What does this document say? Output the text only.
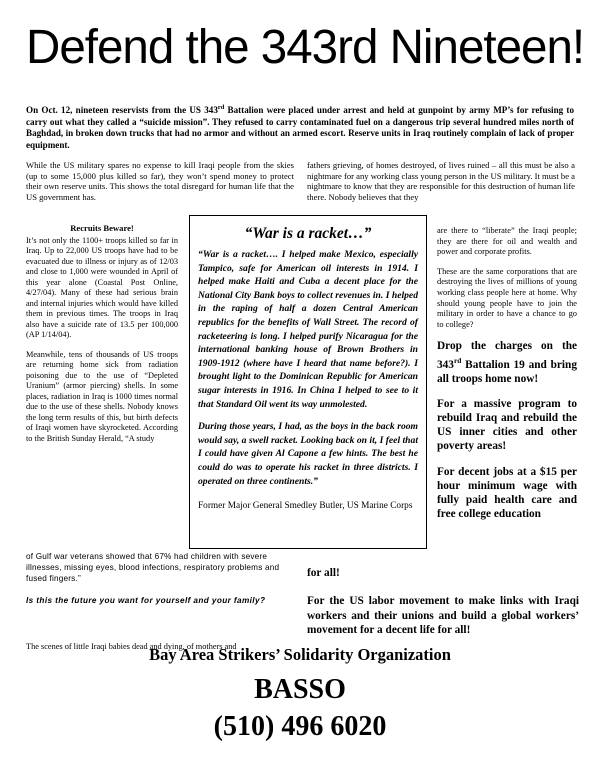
Defend the 343rd Nineteen!
On Oct. 12, nineteen reservists from the US 343rd Battalion were placed under arrest and held at gunpoint by army MP’s for refusing to carry out what they called a “suicide mission”. They refused to carry contaminated fuel on a dangerous trip several hundred miles north of Baghdad, in broken down trucks that had no armor and without an armed escort. Reserve units in Iraq routinely complain of lack of proper equipment.
While the US military spares no expense to kill Iraqi people from the skies (up to some 15,000 plus killed so far), they won’t spend money to protect their own reserve units. This shows the total disregard for human life that the US government has.
fathers grieving, of homes destroyed, of lives ruined – all this must be also a nightmare for any working class young person in the US military. It must be a nightmare to know that they are responsible for this destruction of human life there. Nobody believes that they
Recruits Beware!

It’s not only the 1100+ troops killed so far in Iraq. Up to 22,000 US troops have had to be evacuated due to illness or injury as of 12/03 and close to 1,000 were wounded in April of this year alone (Coastal Post Online, 4/27/04). Many of these had serious brain and internal injuries which would have killed them in previous times. The troops in Iraq also have a suicide rate of 13.5 per 100,000 (AP 1/14/04).

Meanwhile, tens of thousands of US troops are returning home sick from radiation poisoning due to the use of “Depleted Uranium” (armor piercing) shells. In some places, radiation in Iraq is 1000 times normal due to the use of these shells. Nobody knows the long term results of this, but birth defects of Iraqi women have skyrocketed. According to the British Sunday Herald, “A study

of Gulf war veterans showed that 67% had children with severe illnesses, missing eyes, blood infections, respiratory problems and fused fingers.”
Is this the future you want for yourself and your family?
The scenes of little Iraqi babies dead and dying, of mothers and
“War is a racket…”
“War is a racket…. I helped make Mexico, especially Tampico, safe for American oil interests in 1914. I helped make Haiti and Cuba a decent place for the National City Bank boys to collect revenues in. I helped in the raping of half a dozen Central American republics for the benefits of Wall Street. The record of racketeering is long. I helped purify Nicaragua for the international banking house of Brown Brothers in 1909-1912 (where have I heard that name before?). I brought light to the Dominican Republic for American sugar interests in 1916. In China I helped to see to it that Standard Oil went its way unmolested.
During those years, I had, as the boys in the back room would say, a swell racket. Looking back on it, I feel that I could have given Al Capone a few hints. The best he could do was to operate his racket in three districts. I operated on three continents.”
Former Major General Smedley Butler, US Marine Corps

are there to “liberate” the Iraqi people; they are there for oil and wealth and power and corporate profits.

These are the same corporations that are destroying the lives of millions of young working class people here at home. Why should young people have to join the military in order to have a chance to go to college?

Drop the charges on the 343rd Battalion 19 and bring all troops home now!

For a massive program to rebuild Iraq and rebuild the US inner cities and other poverty areas!

For decent jobs at a $15 per hour minimum wage with fully paid health care and free college education

for all!
For the US labor movement to make links with Iraqi workers and their unions and build a global workers’ movement for a decent life for all!
Bay Area Strikers’ Solidarity Organization
BASSO
(510) 496 6020
